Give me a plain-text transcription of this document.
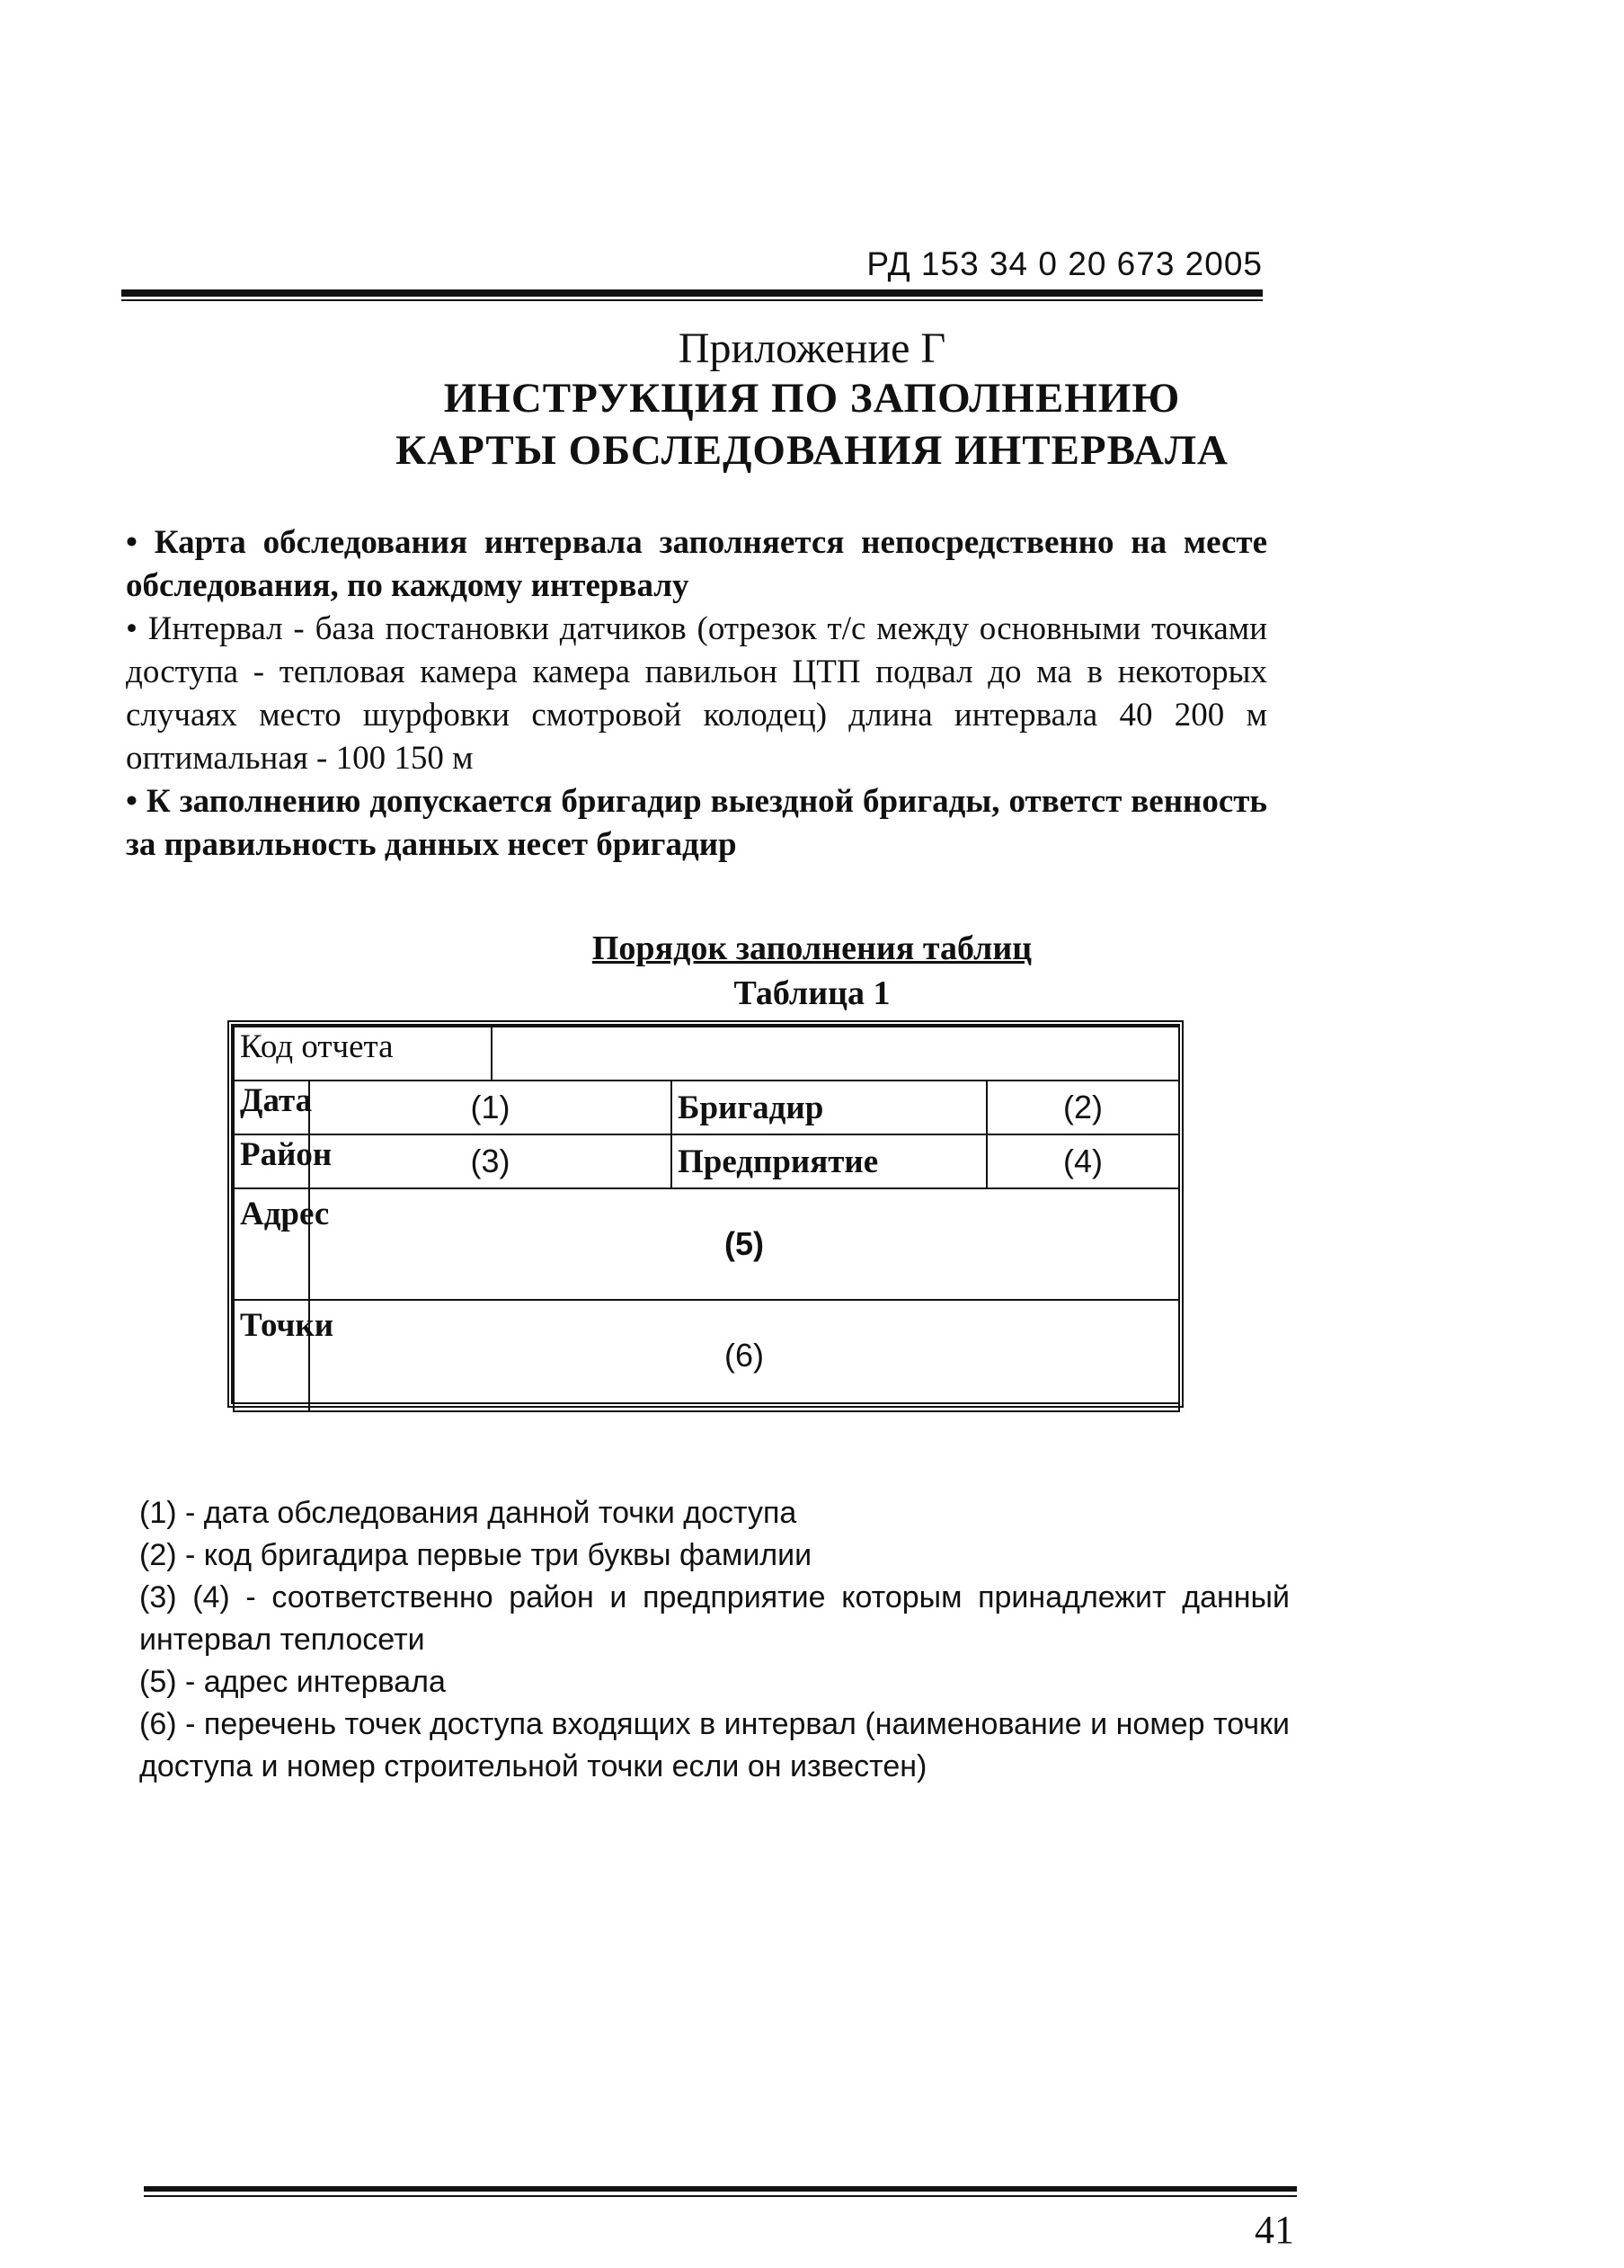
РД 153 34 0 20 673 2005
Приложение Г
ИНСТРУКЦИЯ ПО ЗАПОЛНЕНИЮ
КАРТЫ ОБСЛЕДОВАНИЯ ИНТЕРВАЛА

• Карта обследования интервала заполняется непосредственно на месте обследования, по каждому интервалу

• Интервал - база постановки датчиков (отрезок т/с между основными точками доступа - тепловая камера камера павильон ЦТП подвал до ма в некоторых случаях место шурфовки смотровой колодец) длина интервала 40 200 м оптимальная - 100 150 м

• К заполнению допускается бригадир выездной бригады, ответст венность за правильность данных несет бригадир

Порядок заполнения таблиц
Таблица 1
Код отчета				
Дата	(1)		Бригадир	(2)
Район	(3)		Предприятие	(4)
Адрес	(5)			
Точки	(6)			

(1) - дата обследования данной точки доступа

(2) - код бригадира первые три буквы фамилии

(3) (4) - соответственно район и предприятие которым принадлежит данный интервал теплосети

(5) - адрес интервала

(6) - перечень точек доступа входящих в интервал (наименование и номер точки доступа и номер строительной точки если он известен)

41
